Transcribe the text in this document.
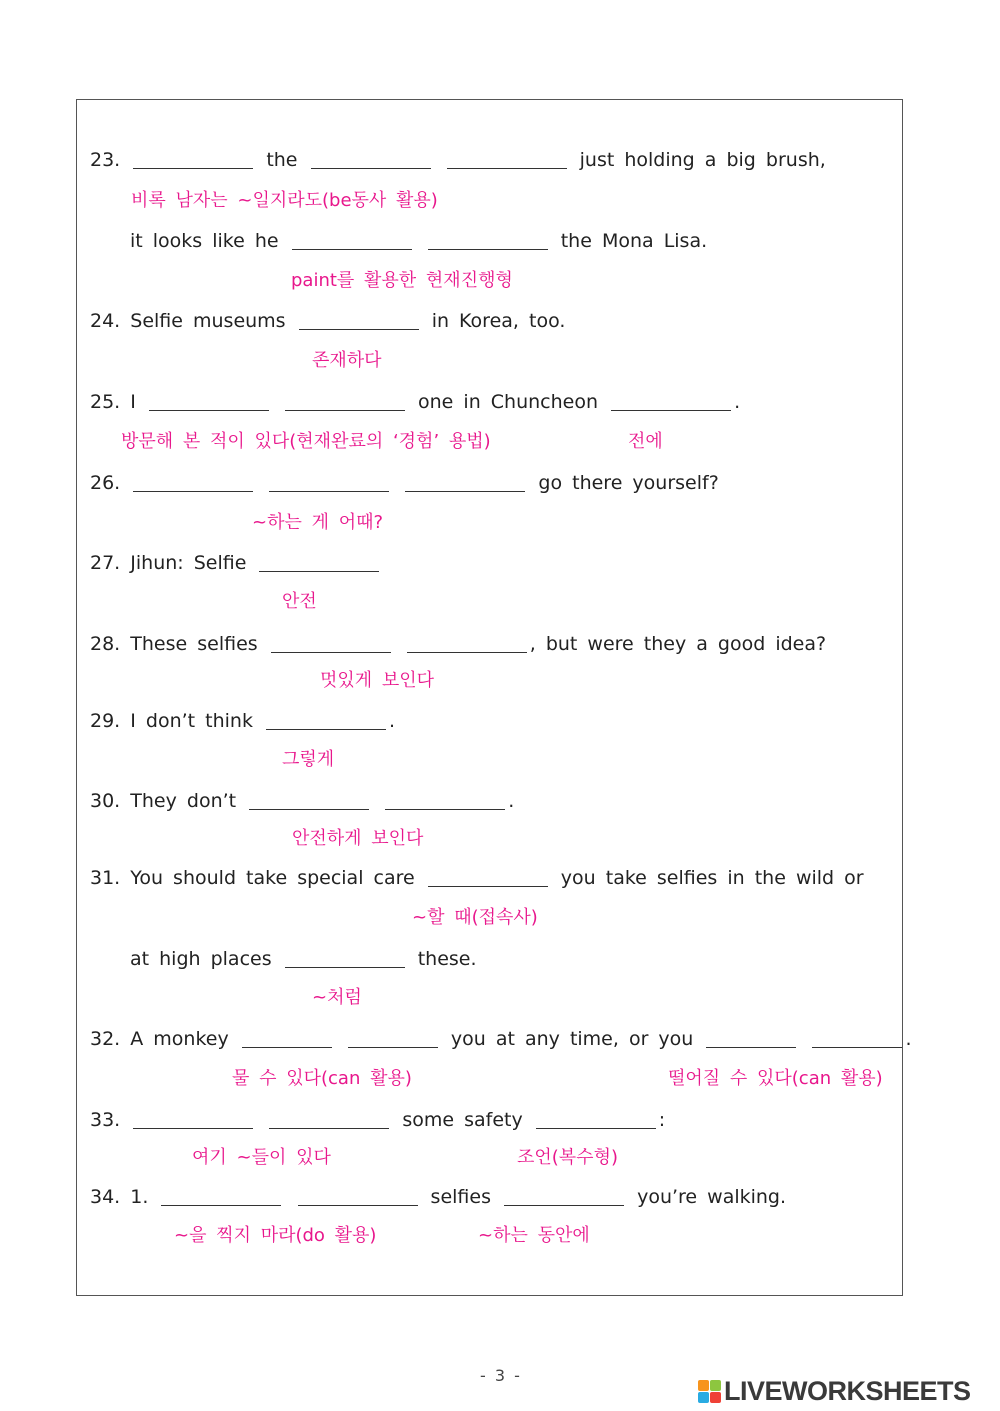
23.	the	just holding a big brush,
비록 남자는 ~일지라도(be동사 활용)
it looks like he	the Mona Lisa.
paint를 활용한 현재진행형
24. Selfie museums	in Korea, too.
존재하다
25. I	one in Chuncheon	.
방문해 본 적이 있다(현재완료의 ‘경험’ 용법)	전에
26.	go there yourself?
~하는 게 어때?
27. Jihun: Selfie
안전
28. These selfies	, but were they a good idea?
멋있게 보인다
29. I don’t think	.
그렇게
30. They don’t	.
안전하게 보인다
31. You should take special care	you take selfies in the wild or
~할 때(접속사)
at high places	these.
~처럼
32. A monkey	you at any time, or you	.
물 수 있다(can 활용)	떨어질 수 있다(can 활용)
33.	some safety	:
여기 ~들이 있다	조언(복수형)
34. 1.	selfies	you’re walking.
~을 찍지 마라(do 활용)	~하는 동안에
- 3 -	LIVEWORKSHEETS
